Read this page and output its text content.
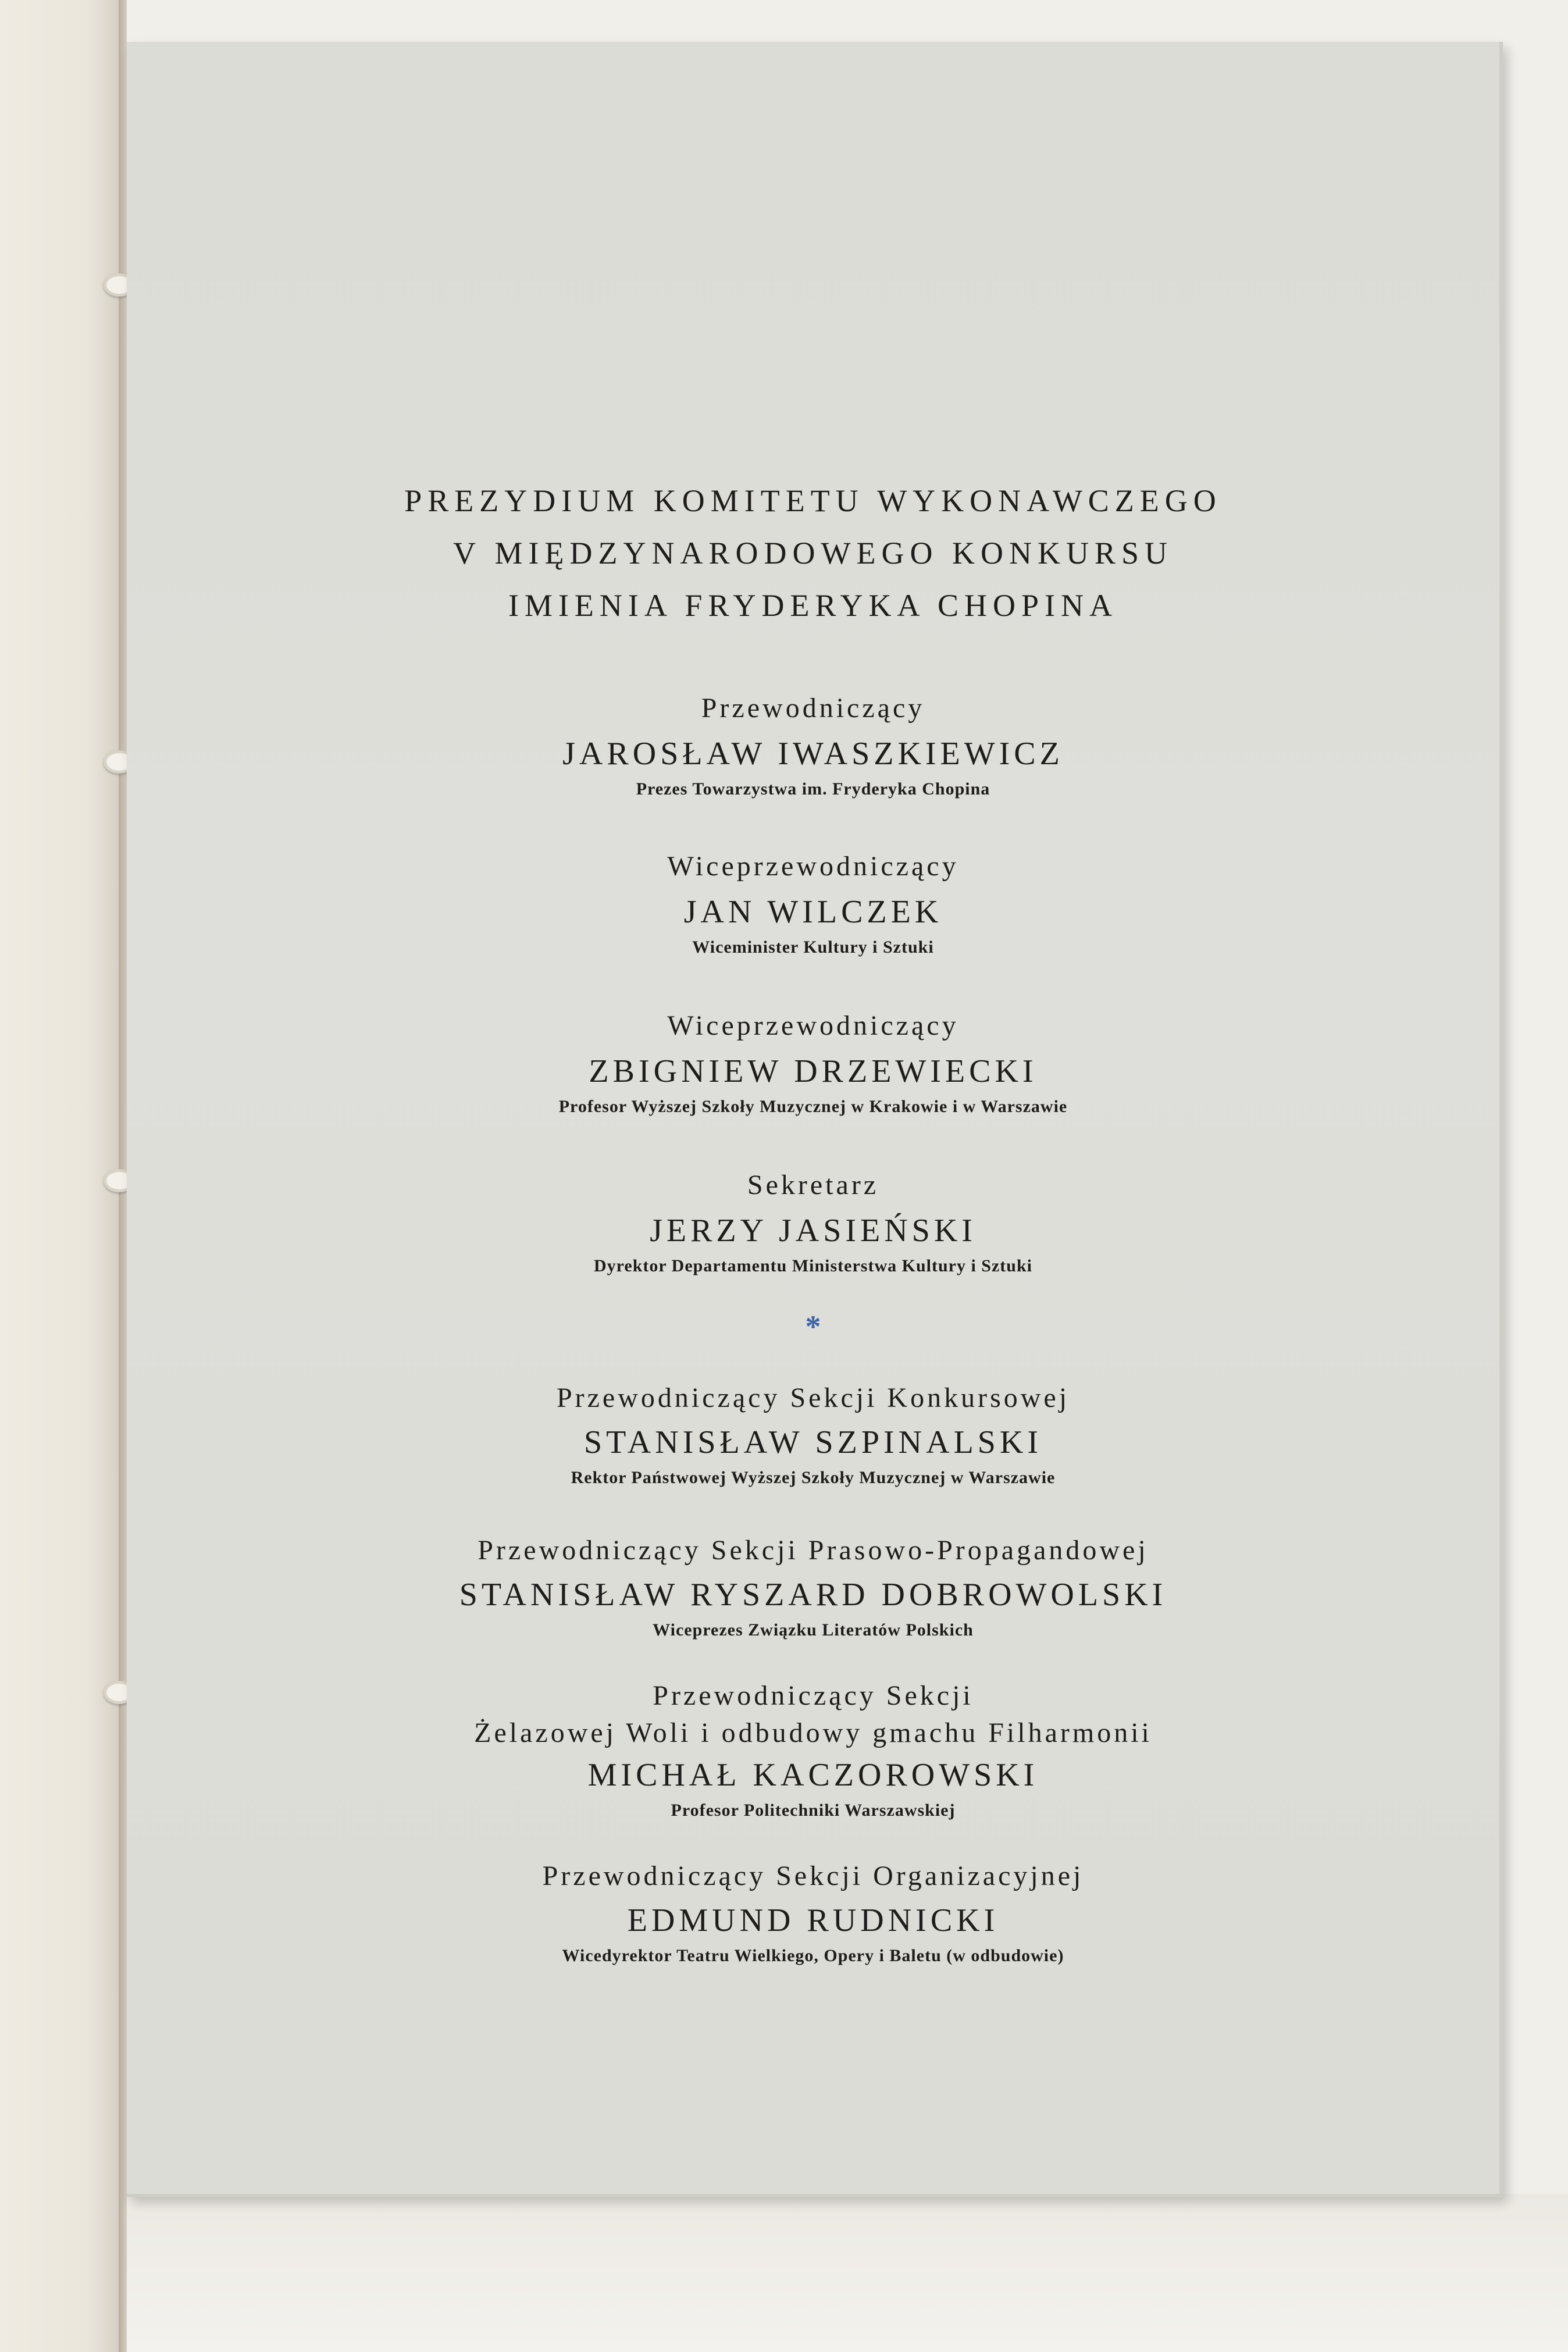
PREZYDIUM KOMITETU WYKONAWCZEGO
V MIĘDZYNARODOWEGO KONKURSU
IMIENIA FRYDERYKA CHOPINA
Przewodniczący
JAROSŁAW IWASZKIEWICZ
Prezes Towarzystwa im. Fryderyka Chopina
Wiceprzewodniczący
JAN WILCZEK
Wiceminister Kultury i Sztuki
Wiceprzewodniczący
ZBIGNIEW DRZEWIECKI
Profesor Wyższej Szkoły Muzycznej w Krakowie i w Warszawie
Sekretarz
JERZY JASIEŃSKI
Dyrektor Departamentu Ministerstwa Kultury i Sztuki
*
Przewodniczący Sekcji Konkursowej
STANISŁAW SZPINALSKI
Rektor Państwowej Wyższej Szkoły Muzycznej w Warszawie
Przewodniczący Sekcji Prasowo-Propagandowej
STANISŁAW RYSZARD DOBROWOLSKI
Wiceprezes Związku Literatów Polskich
Przewodniczący Sekcji
Żelazowej Woli i odbudowy gmachu Filharmonii
MICHAŁ KACZOROWSKI
Profesor Politechniki Warszawskiej
Przewodniczący Sekcji Organizacyjnej
EDMUND RUDNICKI
Wicedyrektor Teatru Wielkiego, Opery i Baletu (w odbudowie)
